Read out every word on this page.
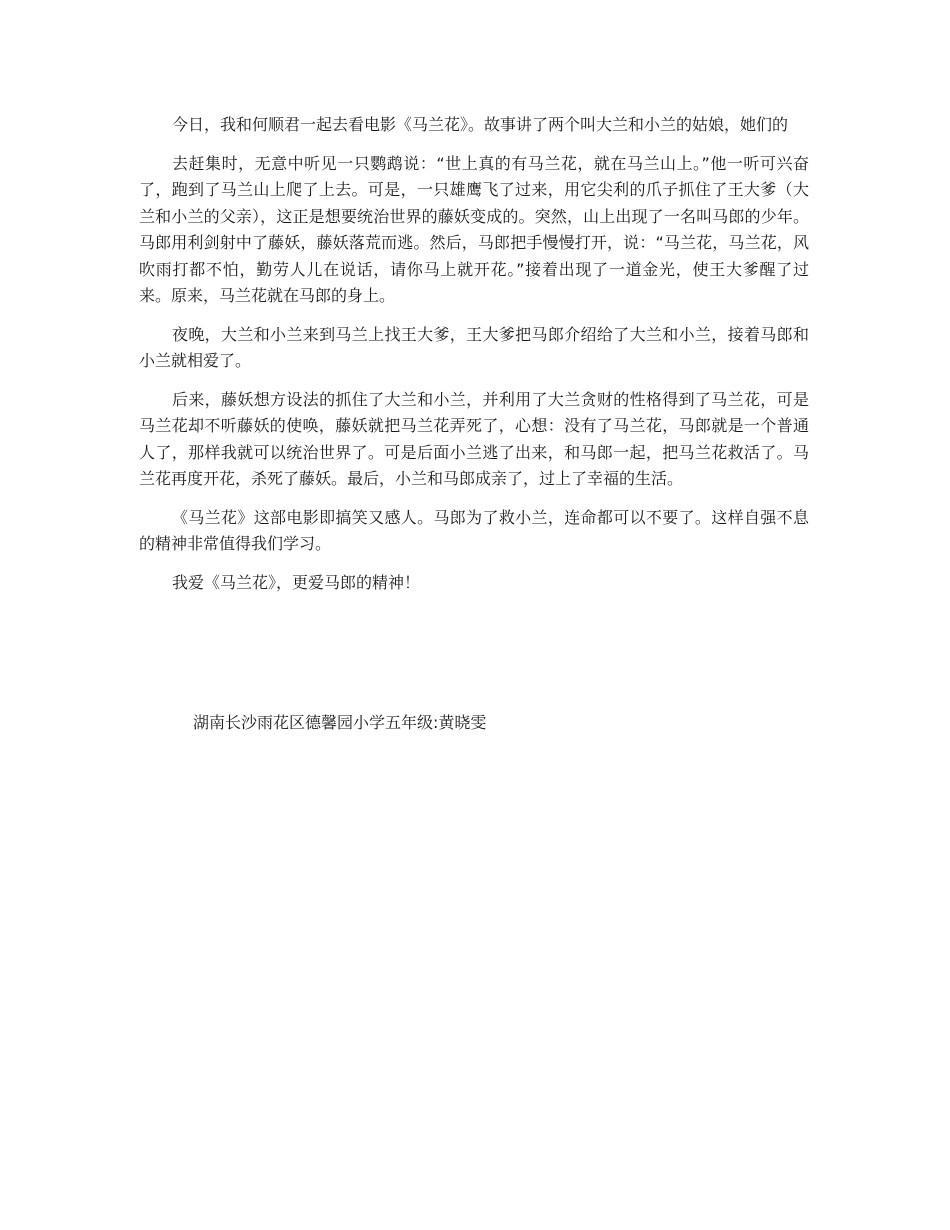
今日，我和何顺君一起去看电影《马兰花》。故事讲了两个叫大兰和小兰的姑娘，她们的

去赶集时，无意中听见一只鹦鹉说：“世上真的有马兰花，就在马兰山上。”他一听可兴奋了，跑到了马兰山上爬了上去。可是，一只雄鹰飞了过来，用它尖利的爪子抓住了王大爹（大兰和小兰的父亲），这正是想要统治世界的藤妖变成的。突然，山上出现了一名叫马郎的少年。马郎用利剑射中了藤妖，藤妖落荒而逃。然后，马郎把手慢慢打开，说：“马兰花，马兰花，风吹雨打都不怕，勤劳人儿在说话，请你马上就开花。”接着出现了一道金光，使王大爹醒了过来。原来，马兰花就在马郎的身上。

夜晚，大兰和小兰来到马兰上找王大爹，王大爹把马郎介绍给了大兰和小兰，接着马郎和小兰就相爱了。

后来，藤妖想方设法的抓住了大兰和小兰，并利用了大兰贪财的性格得到了马兰花，可是马兰花却不听藤妖的使唤，藤妖就把马兰花弄死了，心想：没有了马兰花，马郎就是一个普通人了，那样我就可以统治世界了。可是后面小兰逃了出来，和马郎一起，把马兰花救活了。马兰花再度开花，杀死了藤妖。最后，小兰和马郎成亲了，过上了幸福的生活。

《马兰花》这部电影即搞笑又感人。马郎为了救小兰，连命都可以不要了。这样自强不息的精神非常值得我们学习。

我爱《马兰花》，更爱马郎的精神！

湖南长沙雨花区德馨园小学五年级:黄晓雯
